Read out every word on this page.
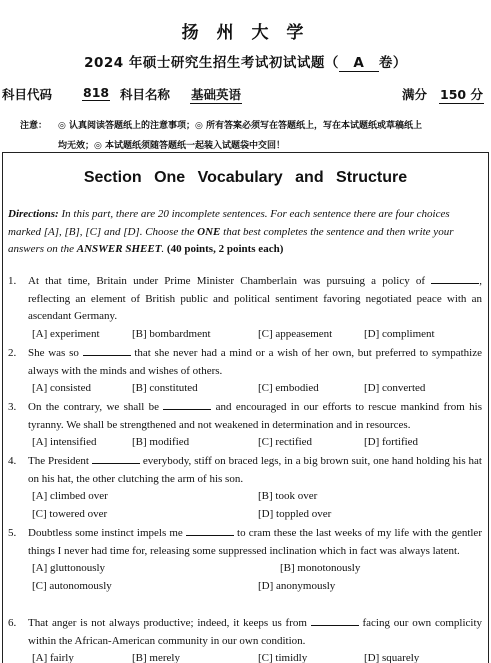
扬 州 大 学
2024 年硕士研究生招生考试初试试题（ A 卷）
科目代码 818 科目名称 基础英语	满分 150 分
注意： ◎ 认真阅读答题纸上的注意事项；◎ 所有答案必须写在答题纸上，写在本试题纸或草稿纸上
均无效；◎ 本试题纸须随答题纸一起装入试题袋中交回！
Section One Vocabulary and Structure
Directions: In this part, there are 20 incomplete sentences. For each sentence there are four choices marked [A], [B], [C] and [D]. Choose the ONE that best completes the sentence and then write your answers on the ANSWER SHEET. (40 points, 2 points each)
1. At that time, Britain under Prime Minister Chamberlain was pursuing a policy of	, reflecting an element of British public and political sentiment favoring negotiated peace with an ascendant Germany.
[A] experiment	[B] bombardment	[C] appeasement	[D] compliment
2. She was so	that she never had a mind or a wish of her own, but preferred to sympathize always with the minds and wishes of others.
[A] consisted	[B] constituted	[C] embodied	[D] converted
3. On the contrary, we shall be	and encouraged in our efforts to rescue mankind from his tyranny. We shall be strengthened and not weakened in determination and in resources.
[A] intensified	[B] modified	[C] rectified	[D] fortified
4. The President	everybody, stiff on braced legs, in a big brown suit, one hand holding his hat on his hat, the other clutching the arm of his son.
[A] climbed over	[B] took over
[C] towered over	[D] toppled over
5. Doubtless some instinct impels me	to cram these the last weeks of my life with the gentler things I never had time for, releasing some suppressed inclination which in fact was always latent.
[A] gluttonously	[B] monotonously
[C] autonomously	[D] anonymously
6. That anger is not always productive; indeed, it keeps us from	facing our own complicity within the African-American community in our own condition.
[A] fairly	[B] merely	[C] timidly	[D] squarely
